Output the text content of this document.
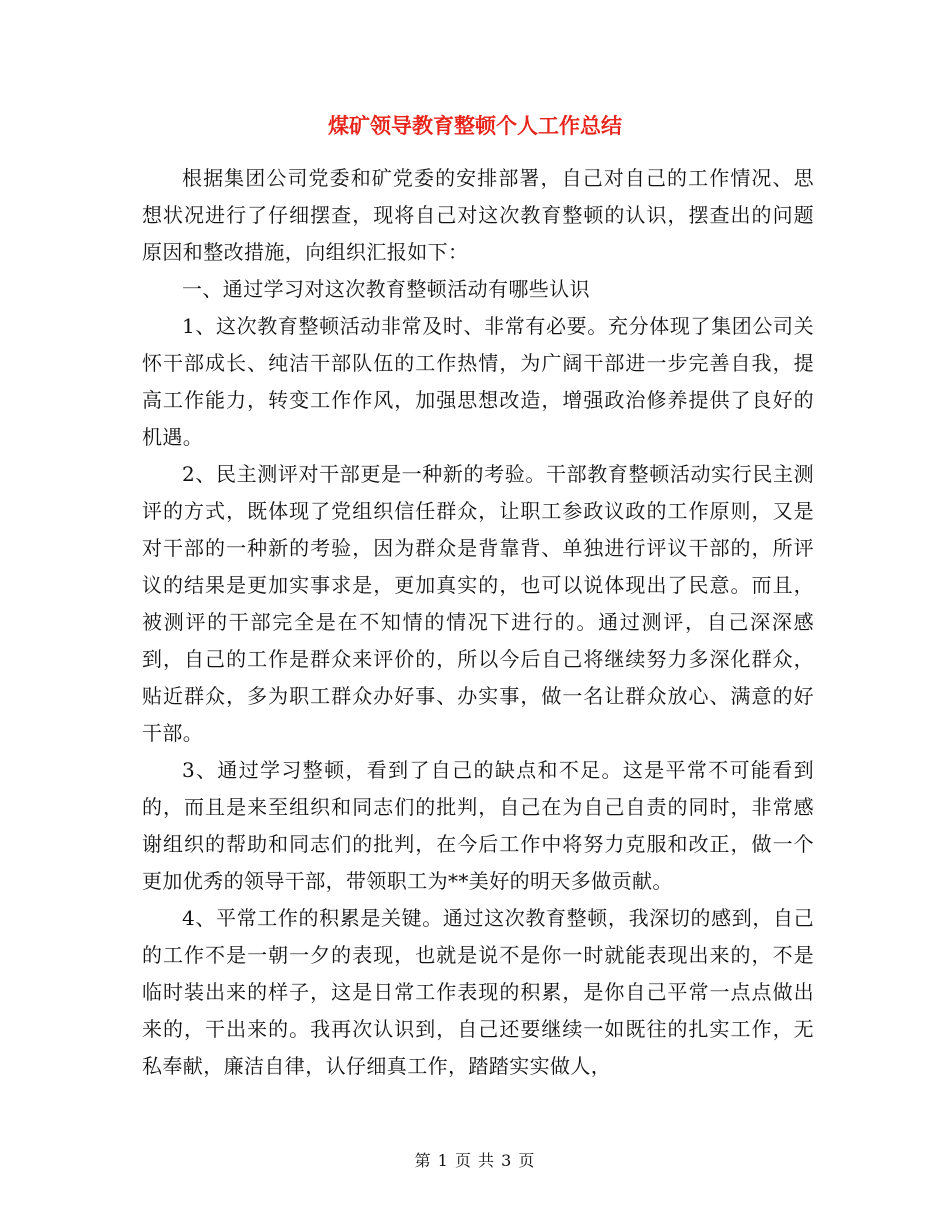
煤矿领导教育整顿个人工作总结

根据集团公司党委和矿党委的安排部署，自己对自己的工作情况、思想状况进行了仔细摆查，现将自己对这次教育整顿的认识，摆查出的问题原因和整改措施，向组织汇报如下：

一、通过学习对这次教育整顿活动有哪些认识

1、这次教育整顿活动非常及时、非常有必要。充分体现了集团公司关怀干部成长、纯洁干部队伍的工作热情，为广阔干部进一步完善自我，提高工作能力，转变工作作风，加强思想改造，增强政治修养提供了良好的机遇。

2、民主测评对干部更是一种新的考验。干部教育整顿活动实行民主测评的方式，既体现了党组织信任群众，让职工参政议政的工作原则，又是对干部的一种新的考验，因为群众是背靠背、单独进行评议干部的，所评议的结果是更加实事求是，更加真实的，也可以说体现出了民意。而且，被测评的干部完全是在不知情的情况下进行的。通过测评，自己深深感到，自己的工作是群众来评价的，所以今后自己将继续努力多深化群众，贴近群众，多为职工群众办好事、办实事，做一名让群众放心、满意的好干部。

3、通过学习整顿，看到了自己的缺点和不足。这是平常不可能看到的，而且是来至组织和同志们的批判，自己在为自己自责的同时，非常感谢组织的帮助和同志们的批判，在今后工作中将努力克服和改正，做一个更加优秀的领导干部，带领职工为**美好的明天多做贡献。

4、平常工作的积累是关键。通过这次教育整顿，我深切的感到，自己的工作不是一朝一夕的表现，也就是说不是你一时就能表现出来的，不是临时装出来的样子，这是日常工作表现的积累，是你自己平常一点点做出来的，干出来的。我再次认识到，自己还要继续一如既往的扎实工作，无私奉献，廉洁自律，认仔细真工作，踏踏实实做人，

第 1 页 共 3 页
